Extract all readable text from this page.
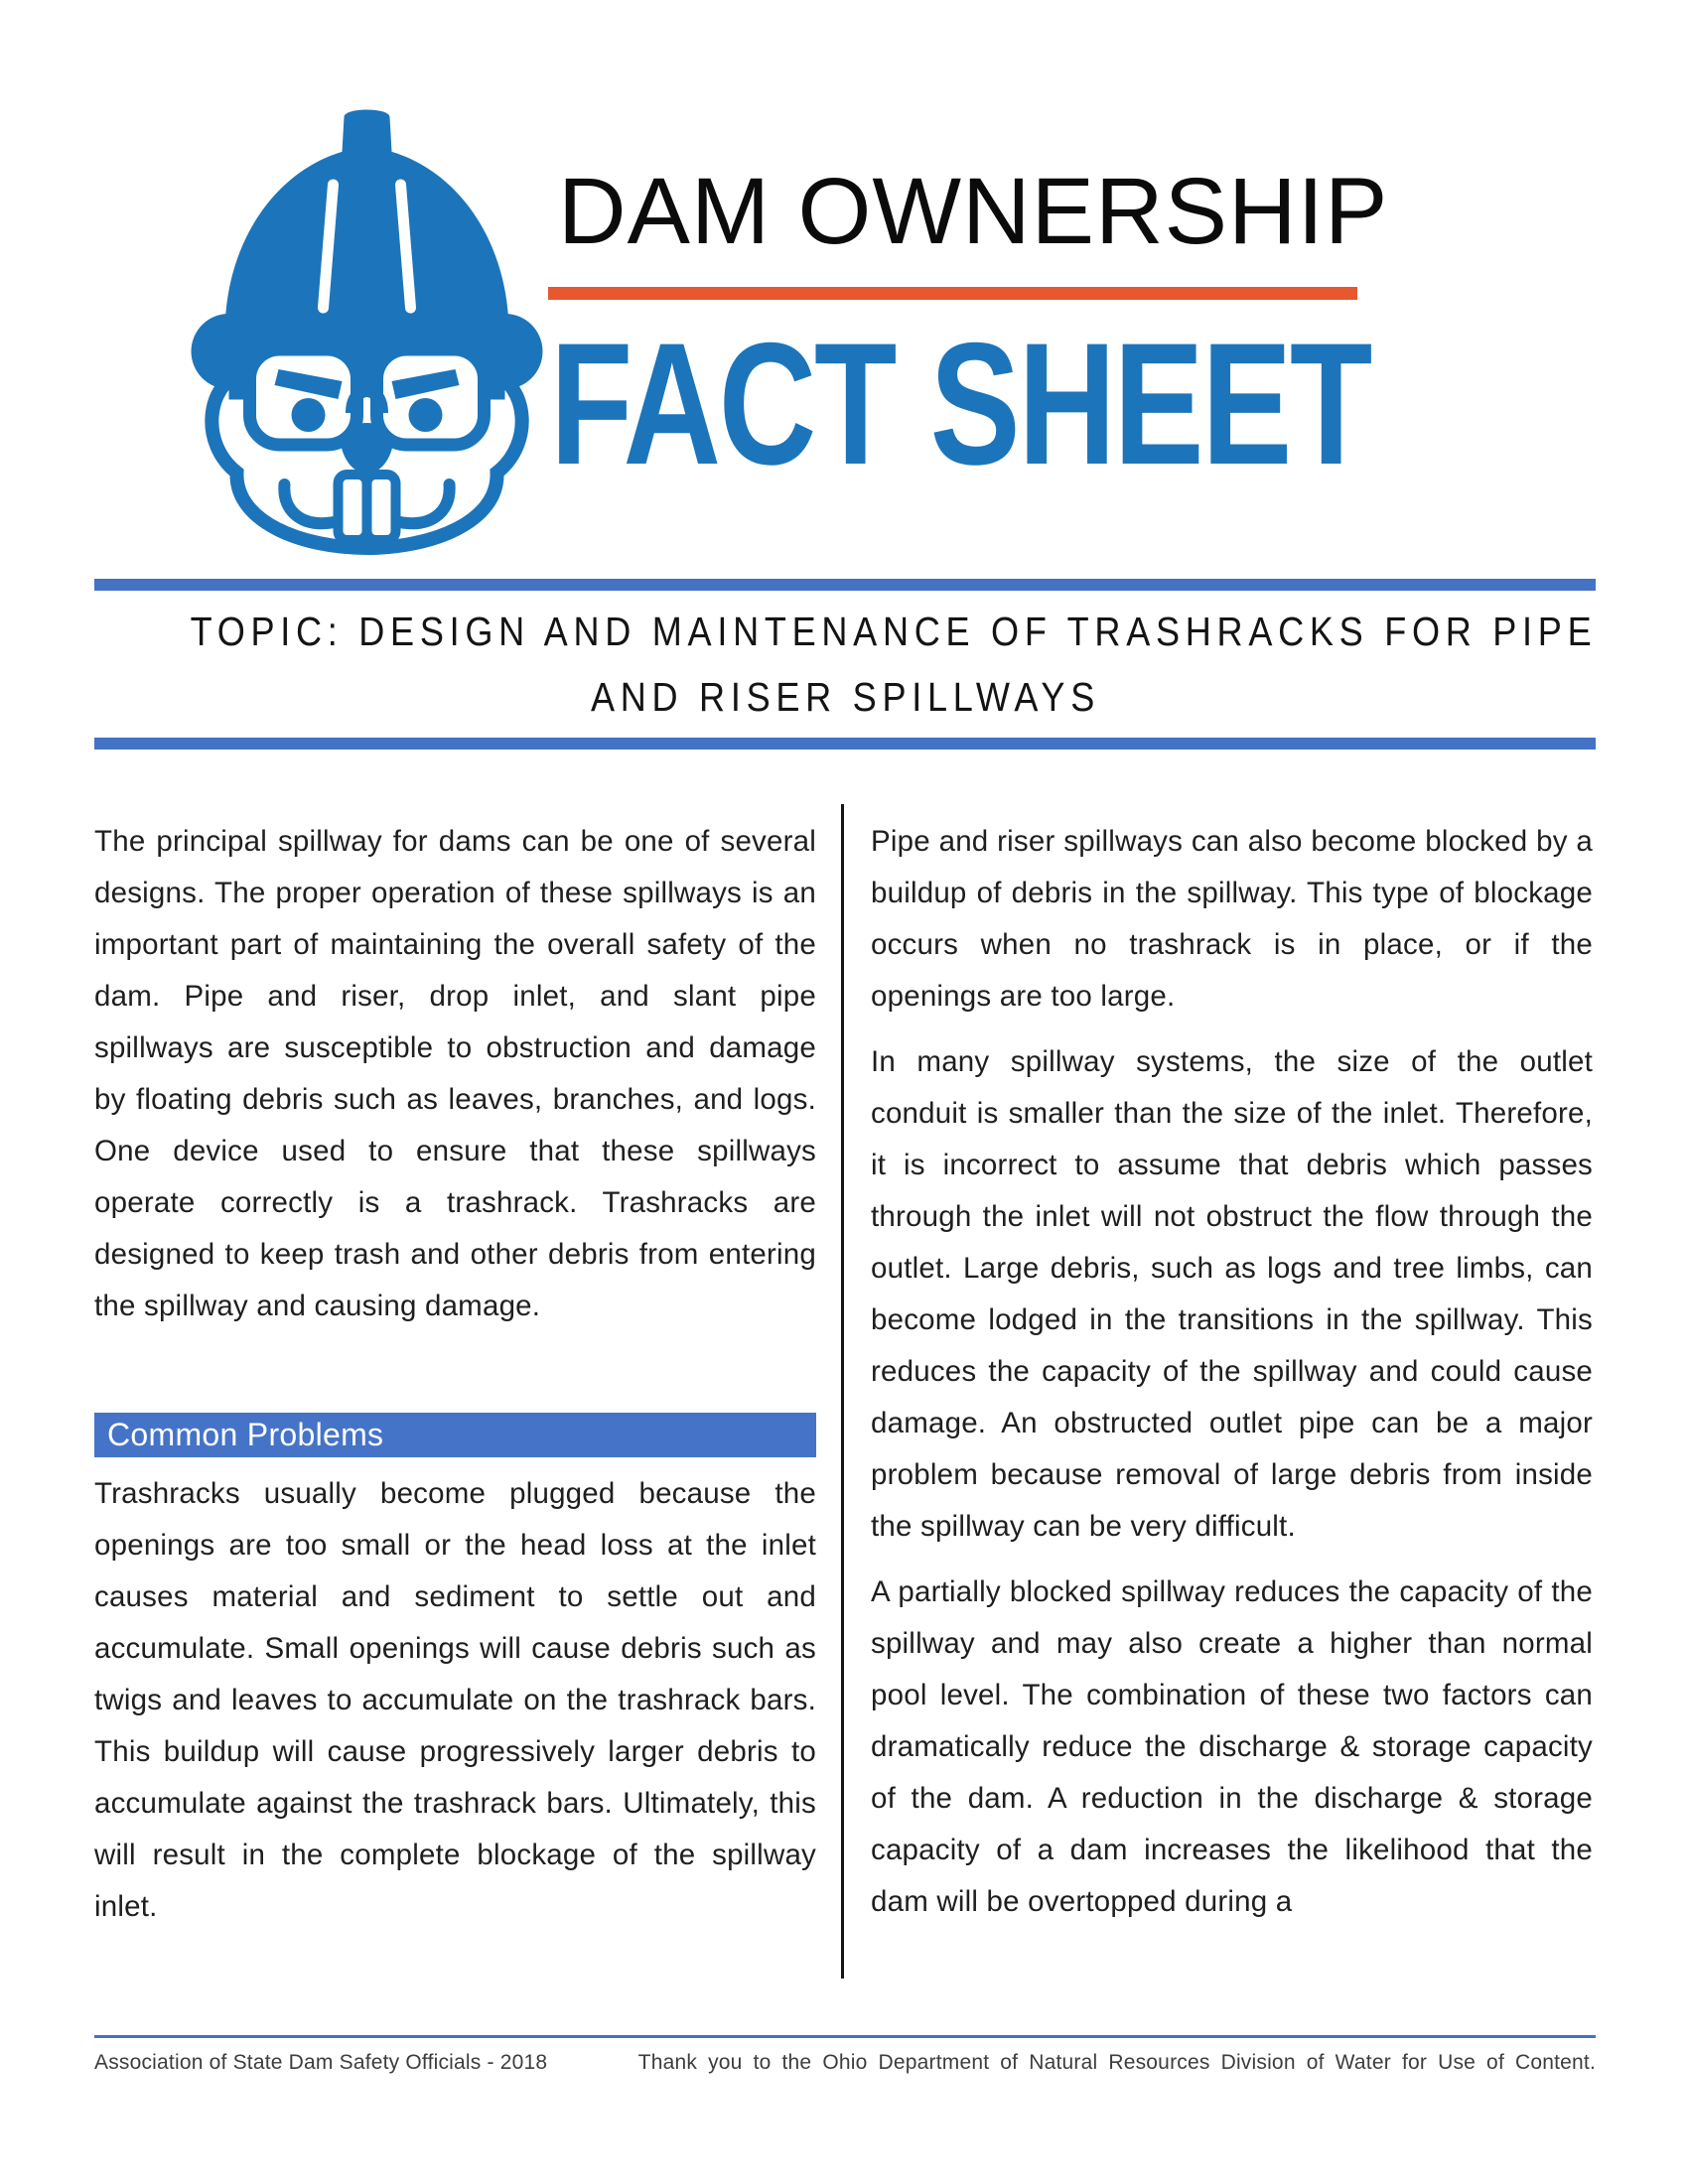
DAM OWNERSHIP
FACT SHEET
TOPIC: DESIGN AND MAINTENANCE OF TRASHRACKS FOR PIPE
AND RISER SPILLWAYS

The principal spillway for dams can be one of several designs. The proper operation of these spillways is an important part of maintaining the overall safety of the dam. Pipe and riser, drop inlet, and slant pipe spillways are susceptible to obstruction and damage by floating debris such as leaves, branches, and logs. One device used to ensure that these spillways operate correctly is a trashrack. Trashracks are designed to keep trash and other debris from entering the spillway and causing damage.

Common Problems

Trashracks usually become plugged because the openings are too small or the head loss at the inlet causes material and sediment to settle out and accumulate. Small openings will cause debris such as twigs and leaves to accumulate on the trashrack bars. This buildup will cause progressively larger debris to accumulate against the trashrack bars. Ultimately, this will result in the complete blockage of the spillway inlet.

Pipe and riser spillways can also become blocked by a buildup of debris in the spillway. This type of blockage occurs when no trashrack is in place, or if the openings are too large.

In many spillway systems, the size of the outlet conduit is smaller than the size of the inlet. Therefore, it is incorrect to assume that debris which passes through the inlet will not obstruct the flow through the outlet. Large debris, such as logs and tree limbs, can become lodged in the transitions in the spillway. This reduces the capacity of the spillway and could cause damage. An obstructed outlet pipe can be a major problem because removal of large debris from inside the spillway can be very difficult.

A partially blocked spillway reduces the capacity of the spillway and may also create a higher than normal pool level. The combination of these two factors can dramatically reduce the discharge & storage capacity of the dam. A reduction in the discharge & storage capacity of a dam increases the likelihood that the dam will be overtopped during a

Association of State Dam Safety Officials - 2018	Thank you to the Ohio Department of Natural Resources Division of Water for Use of Content.
